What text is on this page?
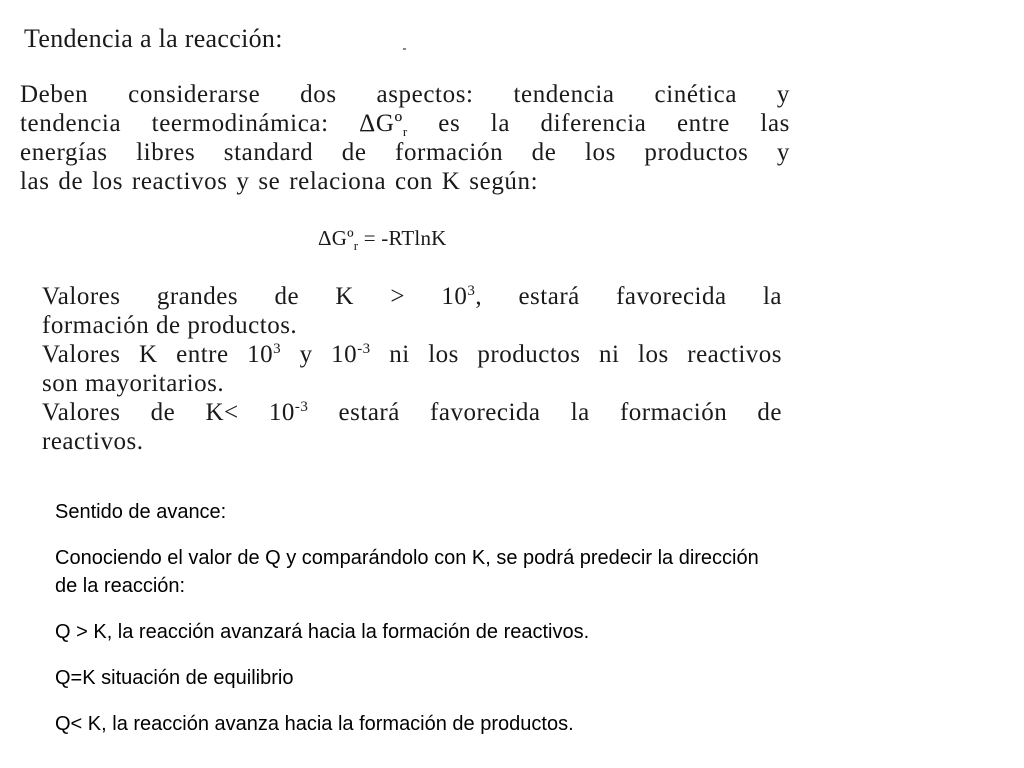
Tendencia a la reacción:
Deben considerarse dos aspectos: tendencia cinética y
tendencia teermodinámica: ΔGº$_r$ es la diferencia entre las
energías libres standard de formación de los productos y
las de los reactivos y se relaciona con K según:
ΔGº$_r$ = -RTlnK
Valores grandes de $K > 10^3$, estará favorecida la
formación de productos.
Valores K entre $10^3$ y $10^{-3}$ ni los productos ni los reactivos
son mayoritarios.
Valores de $K< 10^{-3}$ estará favorecida la formación de
reactivos.

Sentido de avance:

Conociendo el valor de Q y comparándolo con K, se podrá predecir la dirección de la reacción:

Q > K, la reacción avanzará hacia la formación de reactivos.

Q=K situación de equilibrio

Q< K, la reacción avanza hacia la formación de productos.
